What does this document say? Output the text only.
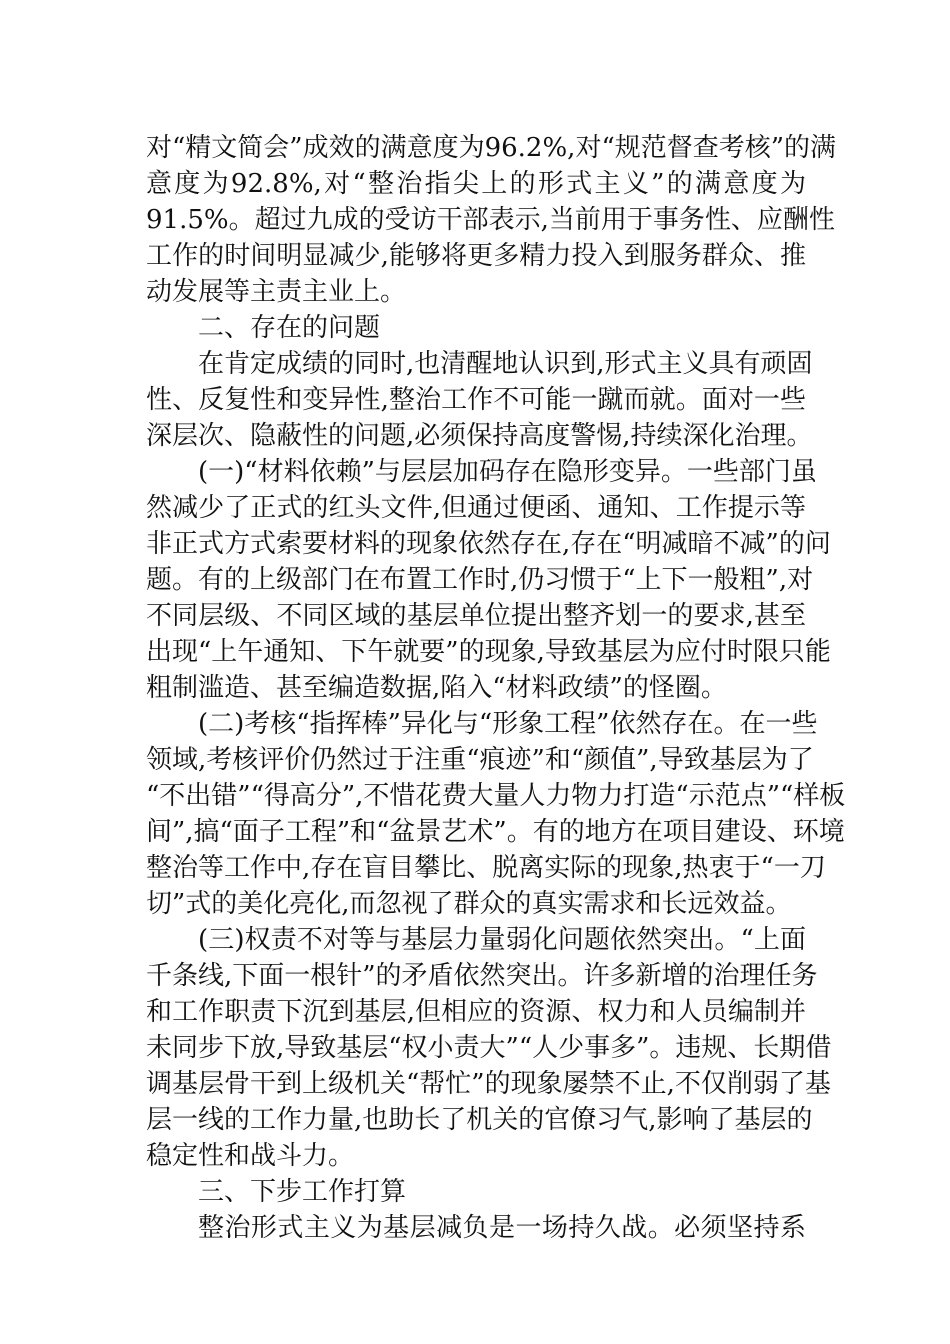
对“精文简会”成效的满意度为96.2%,对“规范督查考核”的满
意度为92.8%,对“整治指尖上的形式主义”的满意度为
91.5%。超过九成的受访干部表示,当前用于事务性、应酬性
工作的时间明显减少,能够将更多精力投入到服务群众、推
动发展等主责主业上。
二、存在的问题
在肯定成绩的同时,也清醒地认识到,形式主义具有顽固
性、反复性和变异性,整治工作不可能一蹴而就。面对一些
深层次、隐蔽性的问题,必须保持高度警惕,持续深化治理。
(一)“材料依赖”与层层加码存在隐形变异。一些部门虽
然减少了正式的红头文件,但通过便函、通知、工作提示等
非正式方式索要材料的现象依然存在,存在“明减暗不减”的问
题。有的上级部门在布置工作时,仍习惯于“上下一般粗”,对
不同层级、不同区域的基层单位提出整齐划一的要求,甚至
出现“上午通知、下午就要”的现象,导致基层为应付时限只能
粗制滥造、甚至编造数据,陷入“材料政绩”的怪圈。
(二)考核“指挥棒”异化与“形象工程”依然存在。在一些
领域,考核评价仍然过于注重“痕迹”和“颜值”,导致基层为了
“不出错”“得高分”,不惜花费大量人力物力打造“示范点”“样板
间”,搞“面子工程”和“盆景艺术”。有的地方在项目建设、环境
整治等工作中,存在盲目攀比、脱离实际的现象,热衷于“一刀
切”式的美化亮化,而忽视了群众的真实需求和长远效益。
(三)权责不对等与基层力量弱化问题依然突出。“上面
千条线,下面一根针”的矛盾依然突出。许多新增的治理任务
和工作职责下沉到基层,但相应的资源、权力和人员编制并
未同步下放,导致基层“权小责大”“人少事多”。违规、长期借
调基层骨干到上级机关“帮忙”的现象屡禁不止,不仅削弱了基
层一线的工作力量,也助长了机关的官僚习气,影响了基层的
稳定性和战斗力。
三、下步工作打算
整治形式主义为基层减负是一场持久战。必须坚持系
